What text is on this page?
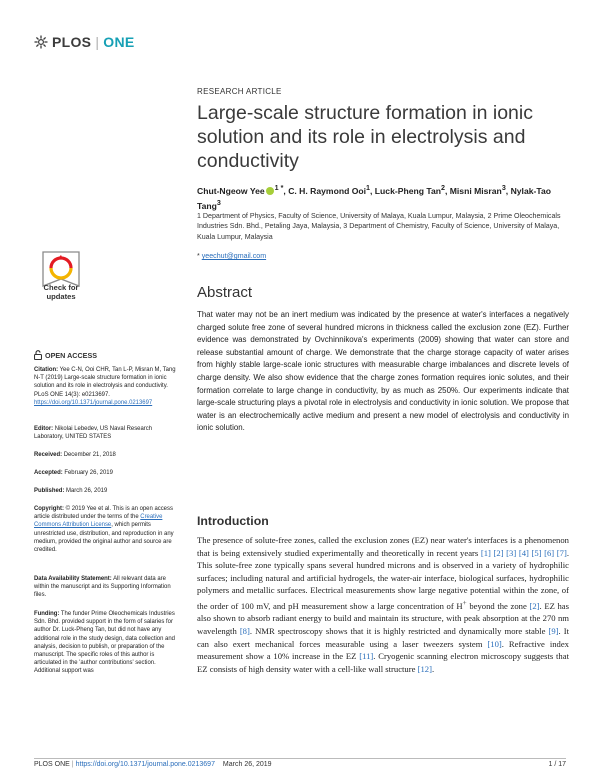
PLOS | ONE
RESEARCH ARTICLE
Large-scale structure formation in ionic solution and its role in electrolysis and conductivity
Chut-Ngeow Yee $^{1 *}$, C. H. Raymond Ooi$^1$, Luck-Pheng Tan$^2$, Misni Misran$^3$, Nylak-Tao Tang$^3$
1 Department of Physics, Faculty of Science, University of Malaya, Kuala Lumpur, Malaysia, 2 Prime Oleochemicals Industries Sdn. Bhd., Petaling Jaya, Malaysia, 3 Department of Chemistry, Faculty of Science, University of Malaya, Kuala Lumpur, Malaysia
* yeechut@gmail.com
Abstract
That water may not be an inert medium was indicated by the presence at water's interfaces a negatively charged solute free zone of several hundred microns in thickness called the exclusion zone (EZ). Further evidence was demonstrated by Ovchinnikova's experiments (2009) showing that water can store and release substantial amount of charge. We demonstrate that the charge storage capacity of water arises from highly stable large-scale ionic structures with measurable charge imbalances and discrete levels of charge density. We also show evidence that the charge zones formation requires ionic solutes, and their formation correlate to large change in conductivity, by as much as 250%. Our experiments indicate that large-scale structuring plays a pivotal role in electrolysis and conductivity in ionic solution. We propose that water is an electrochemically active medium and present a new model of electrolysis and conductivity in ionic solution.
Introduction
The presence of solute-free zones, called the exclusion zones (EZ) near water's interfaces is a phenomenon that is being extensively studied experimentally and theoretically in recent years [1] [2] [3] [4] [5] [6] [7]. This solute-free zone typically spans several hundred microns and is observed in a variety of hydrophilic surfaces; including natural and artificial hydrogels, the water-air interface, biological surfaces, hydrophilic polymers and metallic surfaces. Electrical measurements show large negative potential within the zone, of the order of 100 mV, and pH measurement show a large concentration of H+ beyond the zone [2]. EZ has also shown to absorb radiant energy to build and maintain its structure, with peak absorption at the 270 nm wavelength [8]. NMR spectroscopy shows that it is highly restricted and dynamically more stable [9]. It can also exert mechanical forces measurable using a laser tweezers system [10]. Refractive index measurement show a 10% increase in the EZ [11]. Cryogenic scanning electron microscopy suggests that EZ consists of high density water with a cell-like wall structure [12].
Check for updates
OPEN ACCESS
Citation: Yee C-N, Ooi CHR, Tan L-P, Misran M, Tang N-T (2019) Large-scale structure formation in ionic solution and its role in electrolysis and conductivity. PLoS ONE 14(3): e0213697. https://doi.org/10.1371/journal.pone.0213697
Editor: Nikolai Lebedev, US Naval Research Laboratory, UNITED STATES
Received: December 21, 2018
Accepted: February 26, 2019
Published: March 26, 2019
Copyright: © 2019 Yee et al. This is an open access article distributed under the terms of the Creative Commons Attribution License, which permits unrestricted use, distribution, and reproduction in any medium, provided the original author and source are credited.
Data Availability Statement: All relevant data are within the manuscript and its Supporting Information files.
Funding: The funder Prime Oleochemicals Industries Sdn. Bhd. provided support in the form of salaries for author Dr. Luck-Pheng Tan, but did not have any additional role in the study design, data collection and analysis, decision to publish, or preparation of the manuscript. The specific roles of this author is articulated in the 'author contributions' section. Additional support was
PLOS ONE | https://doi.org/10.1371/journal.pone.0213697 March 26, 2019	1 / 17
